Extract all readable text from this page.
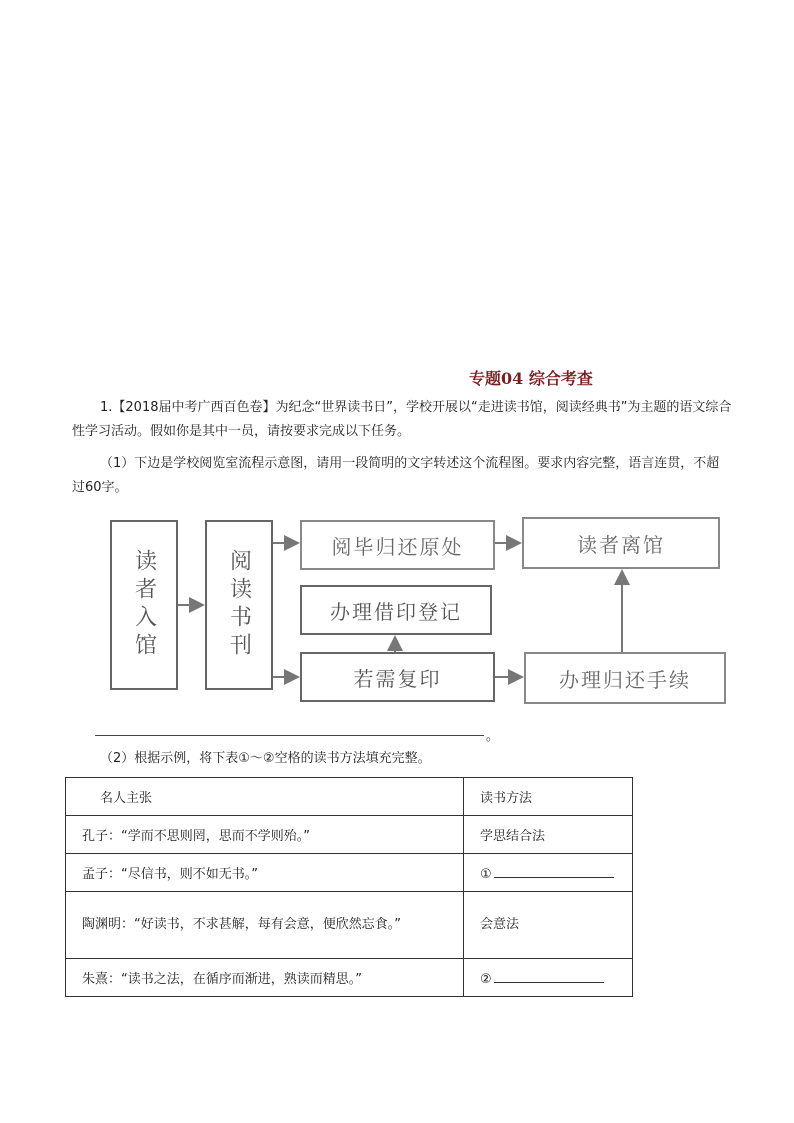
专题04 综合考查
1.【2018届中考广西百色卷】为纪念“世界读书日”，学校开展以“走进读书馆，阅读经典书”为主题的语文综合性学习活动。假如你是其中一员，请按要求完成以下任务。
（1）下边是学校阅览室流程示意图，请用一段简明的文字转述这个流程图。要求内容完整，语言连贯，不超过60字。
读者入馆	阅读书刊
阅毕归还原处	读者离馆
办理借印登记
若需复印	办理归还手续
。
（2）根据示例，将下表①～②空格的读书方法填充完整。
名人主张	读书方法
孔子：“学而不思则罔，思而不学则殆。”	学思结合法
孟子：“尽信书，则不如无书。”	①
陶渊明：“好读书，不求甚解，每有会意，便欣然忘食。”	会意法
朱熹：“读书之法，在循序而渐进，熟读而精思。”	②
